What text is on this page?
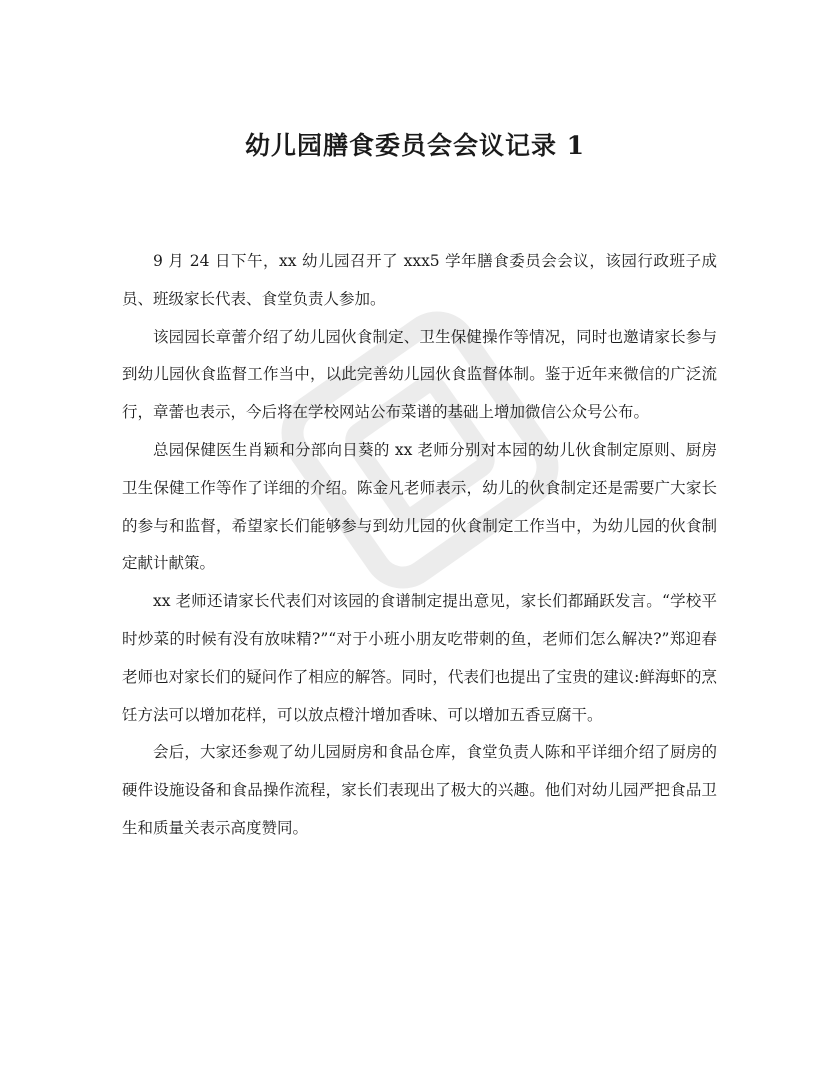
幼儿园膳食委员会会议记录 1

9 月 24 日下午，xx 幼儿园召开了 xxx5 学年膳食委员会会议，该园行政班子成员、班级家长代表、食堂负责人参加。

该园园长章蕾介绍了幼儿园伙食制定、卫生保健操作等情况，同时也邀请家长参与到幼儿园伙食监督工作当中，以此完善幼儿园伙食监督体制。鉴于近年来微信的广泛流行，章蕾也表示，今后将在学校网站公布菜谱的基础上增加微信公众号公布。

总园保健医生肖颖和分部向日葵的 xx 老师分别对本园的幼儿伙食制定原则、厨房卫生保健工作等作了详细的介绍。陈金凡老师表示，幼儿的伙食制定还是需要广大家长的参与和监督，希望家长们能够参与到幼儿园的伙食制定工作当中，为幼儿园的伙食制定献计献策。

xx 老师还请家长代表们对该园的食谱制定提出意见，家长们都踊跃发言。“学校平时炒菜的时候有没有放味精?”“对于小班小朋友吃带刺的鱼，老师们怎么解决?”郑迎春老师也对家长们的疑问作了相应的解答。同时，代表们也提出了宝贵的建议:鲜海虾的烹饪方法可以增加花样，可以放点橙汁增加香味、可以增加五香豆腐干。

会后，大家还参观了幼儿园厨房和食品仓库，食堂负责人陈和平详细介绍了厨房的硬件设施设备和食品操作流程，家长们表现出了极大的兴趣。他们对幼儿园严把食品卫生和质量关表示高度赞同。
